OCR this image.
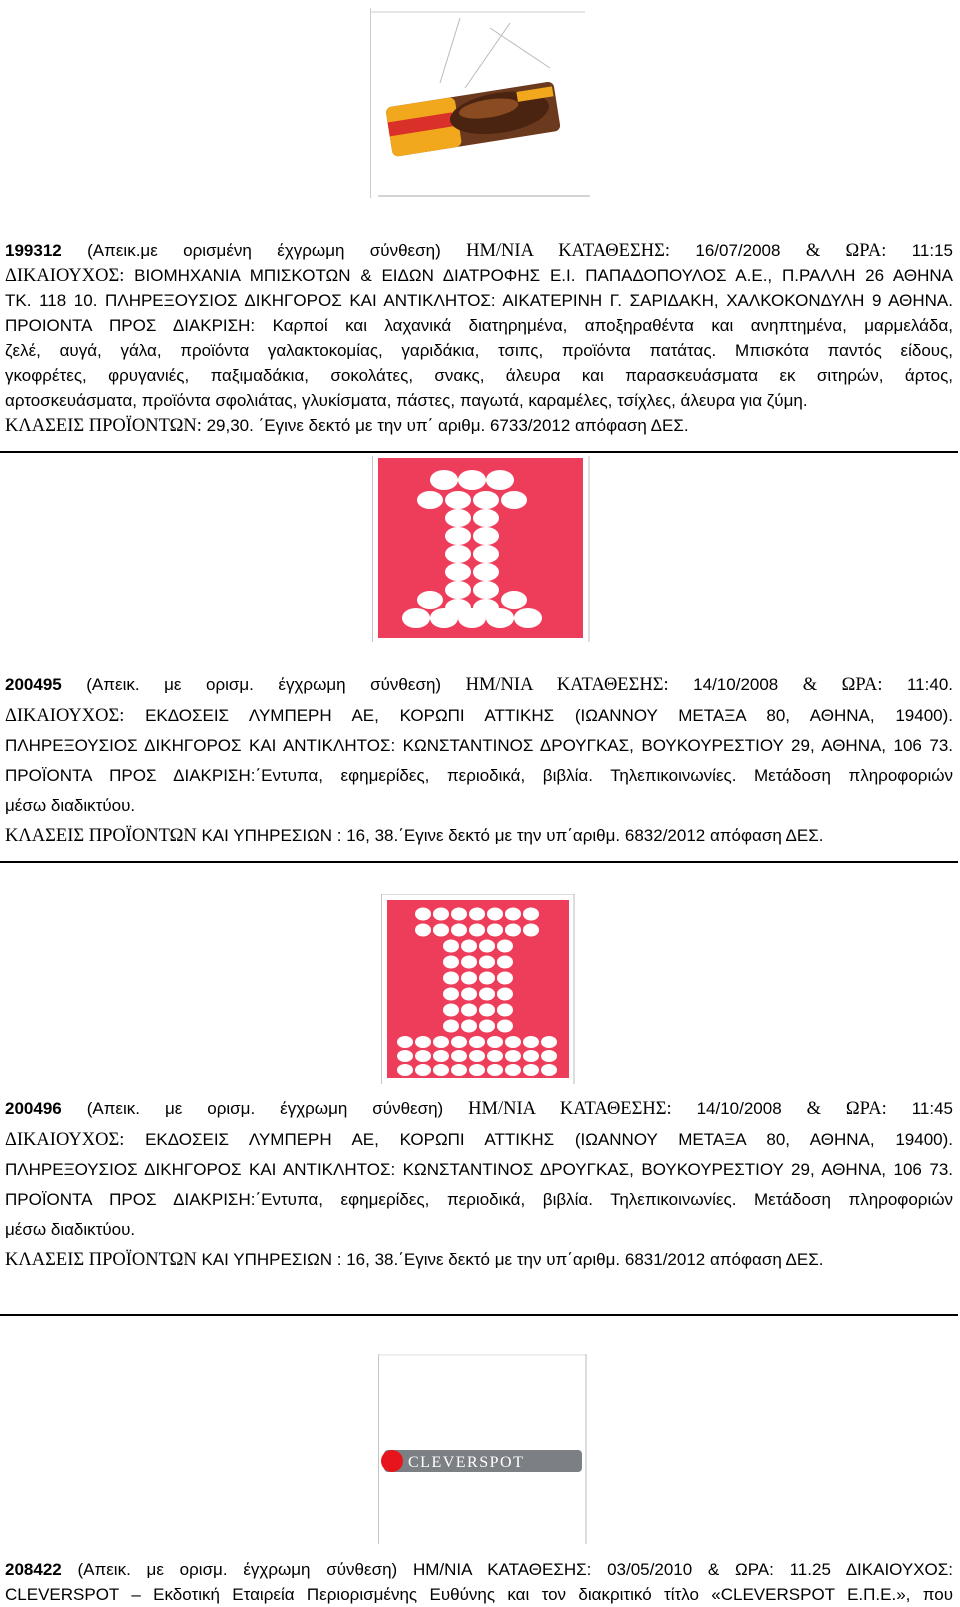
199312 (Απεικ.με ορισμένη έχγρωμη σύνθεση) ΗΜ/ΝΙΑ ΚΑΤΑΘΕΣΗΣ: 16/07/2008 & ΩΡΑ: 11:15
ΔΙΚΑΙΟΥΧΟΣ: ΒΙΟΜΗΧΑΝΙΑ ΜΠΙΣΚΟΤΩΝ & ΕΙΔΩΝ ΔΙΑΤΡΟΦΗΣ Ε.Ι. ΠΑΠΑΔΟΠΟΥΛΟΣ Α.Ε., Π.ΡΑΛΛΗ 26 ΑΘΗΝΑ
ΤΚ. 118 10. ΠΛΗΡΕΞΟΥΣΙΟΣ ΔΙΚΗΓΟΡΟΣ ΚΑΙ ΑΝΤΙΚΛΗΤΟΣ: ΑΙΚΑΤΕΡΙΝΗ Γ. ΣΑΡΙΔΑΚΗ, ΧΑΛΚΟΚΟΝΔΥΛΗ 9 ΑΘΗΝΑ.
ΠΡΟΙΟΝΤΑ ΠΡΟΣ ΔΙΑΚΡΙΣΗ: Καρποί και λαχανικά διατηρημένα, αποξηραθέντα και ανηπτημένα, μαρμελάδα,
ζελέ, αυγά, γάλα, προϊόντα γαλακτοκομίας, γαριδάκια, τσιπς, προϊόντα πατάτας. Μπισκότα παντός είδους,
γκοφρέτες, φρυγανιές, παξιμαδάκια, σοκολάτες, σνακς, άλευρα και παρασκευάσματα εκ σιτηρών, άρτος,
αρτοσκευάσματα, προϊόντα σφολιάτας, γλυκίσματα, πάστες, παγωτά, καραμέλες, τσίχλες, άλευρα για ζύμη.
ΚΛΑΣΕΙΣ ΠΡΟΪΟΝΤΩΝ: 29,30. ΄Εγινε δεκτό με την υπ΄ αριθμ. 6733/2012 απόφαση ΔΕΣ.
200495 (Απεικ. με ορισμ. έγχρωμη σύνθεση) ΗΜ/ΝΙΑ ΚΑΤΑΘΕΣΗΣ: 14/10/2008 & ΩΡΑ: 11:40.
ΔΙΚΑΙΟΥΧΟΣ: ΕΚΔΟΣΕΙΣ ΛΥΜΠΕΡΗ ΑΕ, ΚΟΡΩΠΙ ΑΤΤΙΚΗΣ (ΙΩΑΝΝΟΥ ΜΕΤΑΞΑ 80, ΑΘΗΝΑ, 19400).
ΠΛΗΡΕΞΟΥΣΙΟΣ ΔΙΚΗΓΟΡΟΣ ΚΑΙ ΑΝΤΙΚΛΗΤΟΣ: ΚΩΝΣΤΑΝΤΙΝΟΣ ΔΡΟΥΓΚΑΣ, ΒΟΥΚΟΥΡΕΣΤΙΟΥ 29, ΑΘΗΝΑ, 106 73.
ΠΡΟΪΟΝΤΑ ΠΡΟΣ ΔΙΑΚΡΙΣΗ:΄Εντυπα, εφημερίδες, περιοδικά, βιβλία. Τηλεπικοινωνίες. Μετάδοση πληροφοριών
μέσω διαδικτύου.
ΚΛΑΣΕΙΣ ΠΡΟΪΟΝΤΩΝ ΚΑΙ ΥΠΗΡΕΣΙΩΝ : 16, 38.΄Εγινε δεκτό με την υπ΄αριθμ. 6832/2012 απόφαση ΔΕΣ.
200496 (Απεικ. με ορισμ. έγχρωμη σύνθεση) ΗΜ/ΝΙΑ ΚΑΤΑΘΕΣΗΣ: 14/10/2008 & ΩΡΑ: 11:45
ΔΙΚΑΙΟΥΧΟΣ: ΕΚΔΟΣΕΙΣ ΛΥΜΠΕΡΗ ΑΕ, ΚΟΡΩΠΙ ΑΤΤΙΚΗΣ (ΙΩΑΝΝΟΥ ΜΕΤΑΞΑ 80, ΑΘΗΝΑ, 19400).
ΠΛΗΡΕΞΟΥΣΙΟΣ ΔΙΚΗΓΟΡΟΣ ΚΑΙ ΑΝΤΙΚΛΗΤΟΣ: ΚΩΝΣΤΑΝΤΙΝΟΣ ΔΡΟΥΓΚΑΣ, ΒΟΥΚΟΥΡΕΣΤΙΟΥ 29, ΑΘΗΝΑ, 106 73.
ΠΡΟΪΟΝΤΑ ΠΡΟΣ ΔΙΑΚΡΙΣΗ:΄Εντυπα, εφημερίδες, περιοδικά, βιβλία. Τηλεπικοινωνίες. Μετάδοση πληροφοριών
μέσω διαδικτύου.
ΚΛΑΣΕΙΣ ΠΡΟΪΟΝΤΩΝ ΚΑΙ ΥΠΗΡΕΣΙΩΝ : 16, 38.΄Εγινε δεκτό με την υπ΄αριθμ. 6831/2012 απόφαση ΔΕΣ.
CLEVERSPOT
208422 (Απεικ. με ορισμ. έγχρωμη σύνθεση) ΗΜ/ΝΙΑ ΚΑΤΑΘΕΣΗΣ: 03/05/2010 & ΩΡΑ: 11.25 ΔΙΚΑΙΟΥΧΟΣ:
CLEVERSPOT – Εκδοτική Εταιρεία Περιορισμένης Ευθύνης και τον διακριτικό τίτλο «CLEVERSPOT Ε.Π.Ε.», που
